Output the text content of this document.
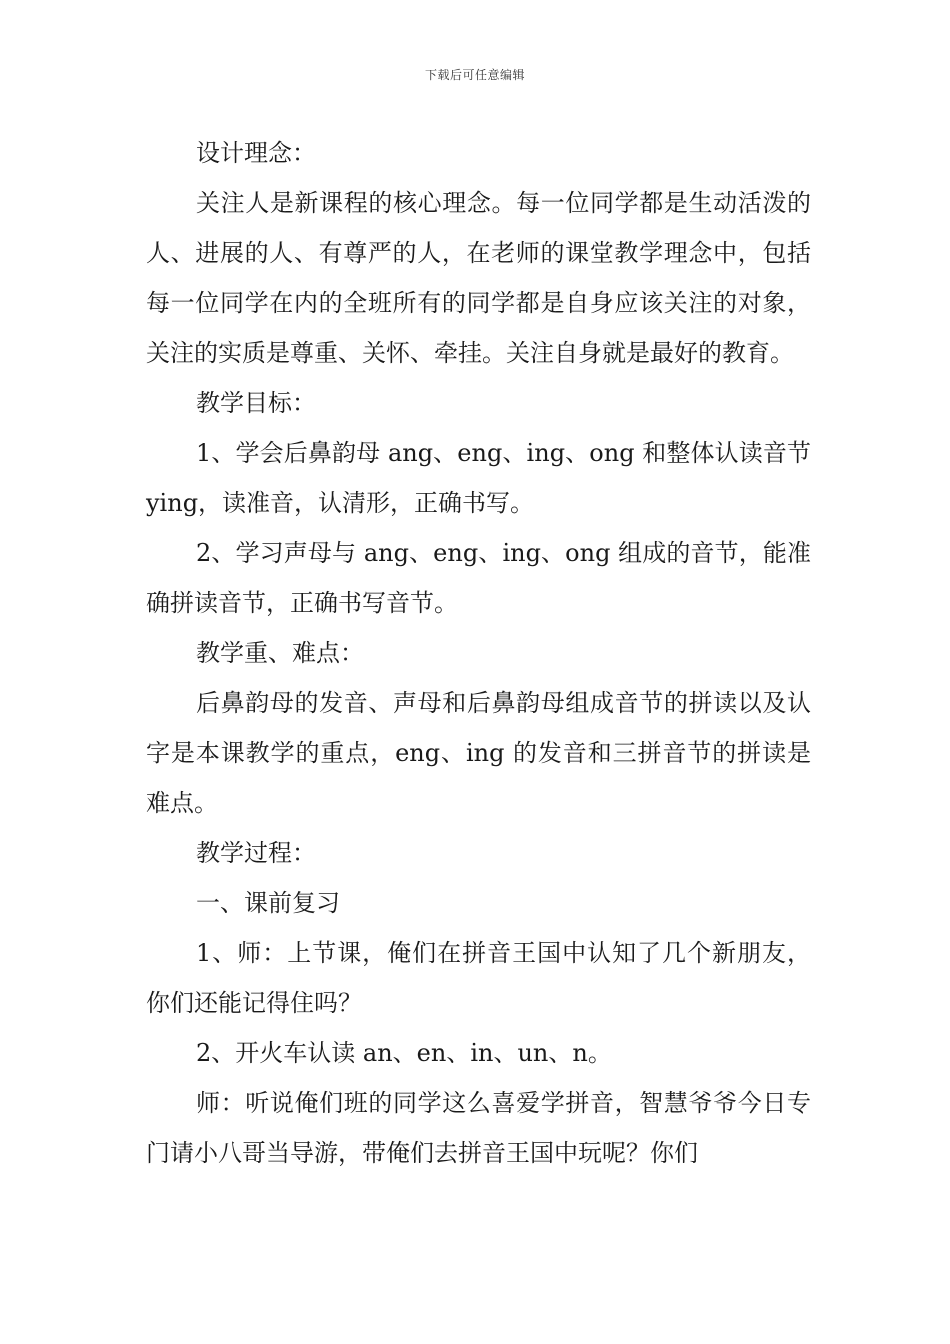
下载后可任意编辑

设计理念：

关注人是新课程的核心理念。每一位同学都是生动活泼的人、进展的人、有尊严的人，在老师的课堂教学理念中，包括每一位同学在内的全班所有的同学都是自身应该关注的对象，关注的实质是尊重、关怀、牵挂。关注自身就是最好的教育。

教学目标：

1、学会后鼻韵母 ang、eng、ing、ong 和整体认读音节 ying，读准音，认清形，正确书写。

2、学习声母与 ang、eng、ing、ong 组成的音节，能准确拼读音节，正确书写音节。

教学重、难点：

后鼻韵母的发音、声母和后鼻韵母组成音节的拼读以及认字是本课教学的重点，eng、ing 的发音和三拼音节的拼读是难点。

教学过程：

一、课前复习

1、师：上节课，俺们在拼音王国中认知了几个新朋友，你们还能记得住吗？

2、开火车认读 an、en、in、un、n。

师：听说俺们班的同学这么喜爱学拼音，智慧爷爷今日专门请小八哥当导游，带俺们去拼音王国中玩呢？你们
